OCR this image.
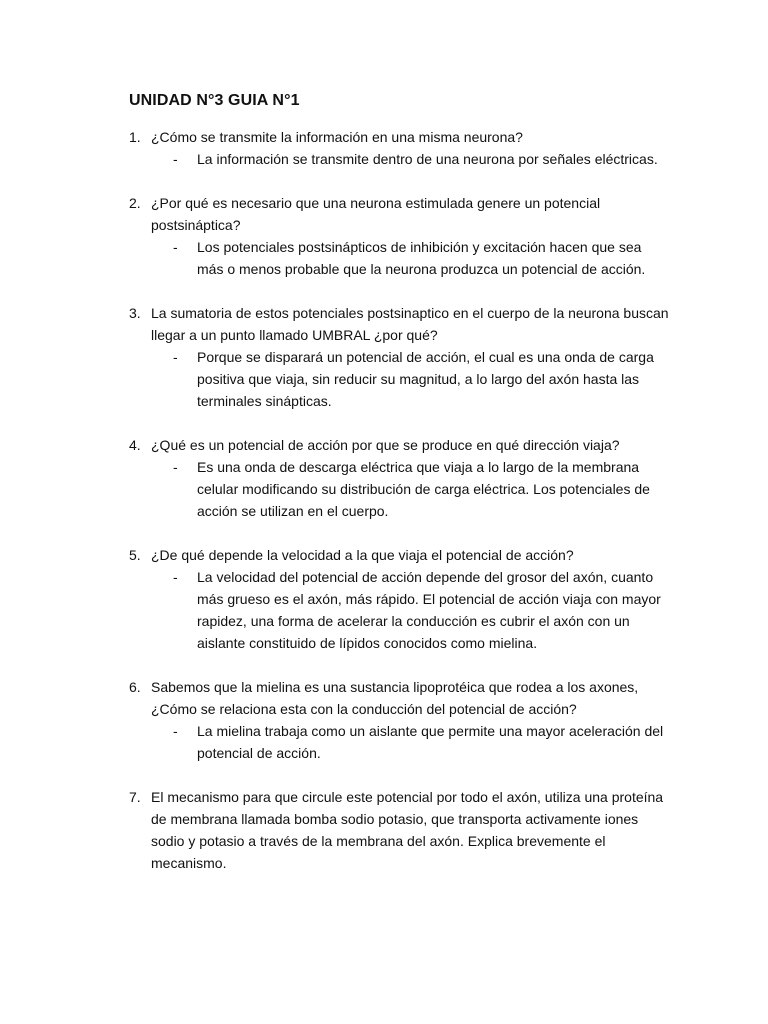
UNIDAD N°3 GUIA N°1
1. ¿Cómo se transmite la información en una misma neurona?
-	La información se transmite dentro de una neurona por señales eléctricas.
2. ¿Por qué es necesario que una neurona estimulada genere un potencial postsináptica?
-	Los potenciales postsinápticos de inhibición y excitación hacen que sea más o menos probable que la neurona produzca un potencial de acción.
3. La sumatoria de estos potenciales postsinaptico en el cuerpo de la neurona buscan llegar a un punto llamado UMBRAL ¿por qué?
-	Porque se disparará un potencial de acción, el cual es una onda de carga positiva que viaja, sin reducir su magnitud, a lo largo del axón hasta las terminales sinápticas.
4. ¿Qué es un potencial de acción por que se produce en qué dirección viaja?
-	Es una onda de descarga eléctrica que viaja a lo largo de la membrana celular modificando su distribución de carga eléctrica. Los potenciales de acción se utilizan en el cuerpo.
5. ¿De qué depende la velocidad a la que viaja el potencial de acción?
-	La velocidad del potencial de acción depende del grosor del axón, cuanto más grueso es el axón, más rápido. El potencial de acción viaja con mayor rapidez, una forma de acelerar la conducción es cubrir el axón con un aislante constituido de lípidos conocidos como mielina.
6. Sabemos que la mielina es una sustancia lipoprotéica que rodea a los axones, ¿Cómo se relaciona esta con la conducción del potencial de acción?
-	La mielina trabaja como un aislante que permite una mayor aceleración del potencial de acción.
7. El mecanismo para que circule este potencial por todo el axón, utiliza una proteína de membrana llamada bomba sodio potasio, que transporta activamente iones sodio y potasio a través de la membrana del axón. Explica brevemente el mecanismo.
